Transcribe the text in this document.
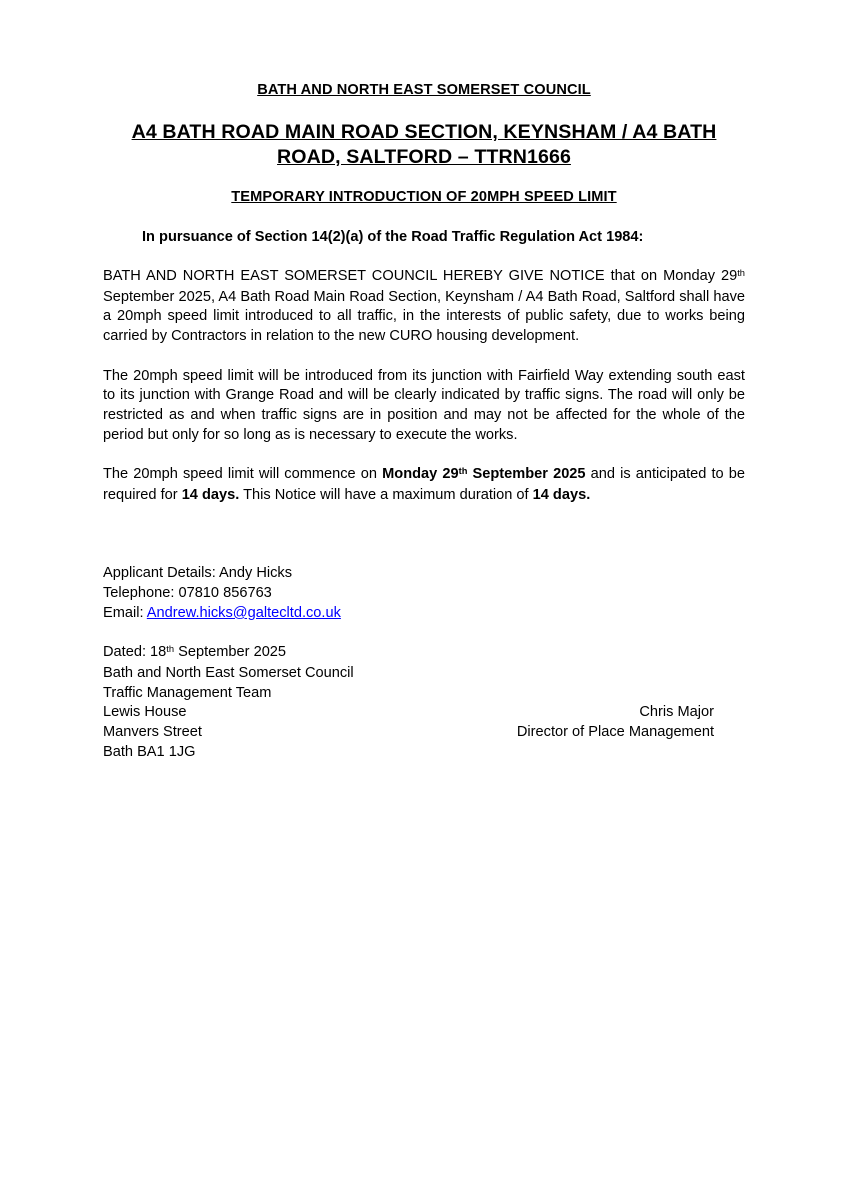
BATH AND NORTH EAST SOMERSET COUNCIL
A4 BATH ROAD MAIN ROAD SECTION, KEYNSHAM / A4 BATH ROAD, SALTFORD – TTRN1666
TEMPORARY INTRODUCTION OF 20MPH SPEED LIMIT

In pursuance of Section 14(2)(a) of the Road Traffic Regulation Act 1984:

BATH AND NORTH EAST SOMERSET COUNCIL HEREBY GIVE NOTICE that on Monday 29th September 2025, A4 Bath Road Main Road Section, Keynsham / A4 Bath Road, Saltford shall have a 20mph speed limit introduced to all traffic, in the interests of public safety, due to works being carried by Contractors in relation to the new CURO housing development.

The 20mph speed limit will be introduced from its junction with Fairfield Way extending south east to its junction with Grange Road and will be clearly indicated by traffic signs. The road will only be restricted as and when traffic signs are in position and may not be affected for the whole of the period but only for so long as is necessary to execute the works.

The 20mph speed limit will commence on Monday 29th September 2025 and is anticipated to be required for 14 days. This Notice will have a maximum duration of 14 days.

Applicant Details: Andy Hicks
Telephone: 07810 856763
Email: Andrew.hicks@galtecltd.co.uk
Dated: 18th September 2025
Bath and North East Somerset Council
Traffic Management Team
Lewis House	Chris Major
Manvers Street	Director of Place Management
Bath BA1 1JG
